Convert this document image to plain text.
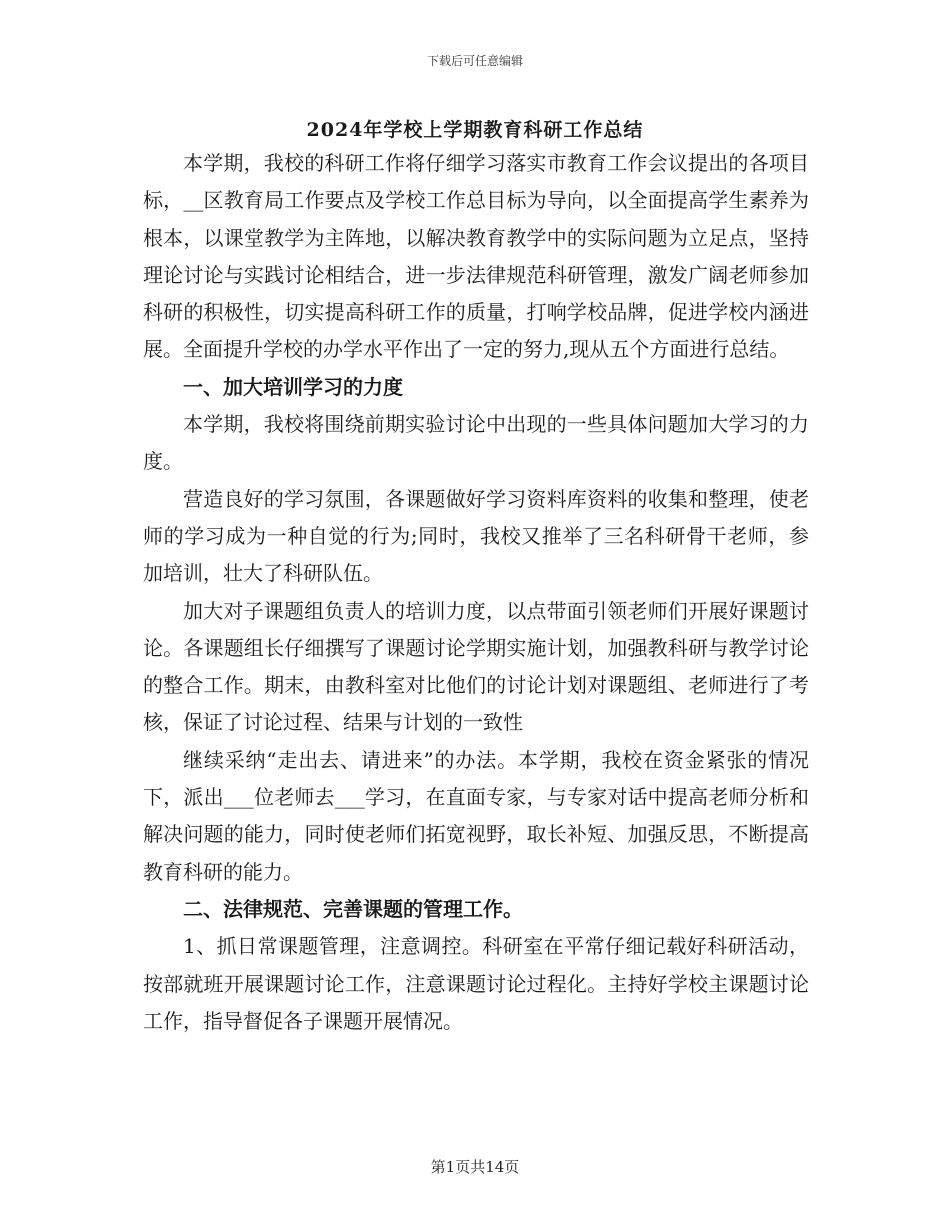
下载后可任意编辑
2024年学校上学期教育科研工作总结

本学期，我校的科研工作将仔细学习落实市教育工作会议提出的各项目标，__区教育局工作要点及学校工作总目标为导向，以全面提高学生素养为根本，以课堂教学为主阵地，以解决教育教学中的实际问题为立足点，坚持理论讨论与实践讨论相结合，进一步法律规范科研管理，激发广阔老师参加科研的积极性，切实提高科研工作的质量，打响学校品牌，促进学校内涵进展。全面提升学校的办学水平作出了一定的努力,现从五个方面进行总结。

一、加大培训学习的力度

本学期，我校将围绕前期实验讨论中出现的一些具体问题加大学习的力度。

营造良好的学习氛围，各课题做好学习资料库资料的收集和整理，使老师的学习成为一种自觉的行为;同时，我校又推举了三名科研骨干老师，参加培训，壮大了科研队伍。

加大对子课题组负责人的培训力度，以点带面引领老师们开展好课题讨论。各课题组长仔细撰写了课题讨论学期实施计划，加强教科研与教学讨论的整合工作。期末，由教科室对比他们的讨论计划对课题组、老师进行了考核，保证了讨论过程、结果与计划的一致性

继续采纳“走出去、请进来”的办法。本学期，我校在资金紧张的情况下，派出___位老师去___学习，在直面专家，与专家对话中提高老师分析和解决问题的能力，同时使老师们拓宽视野，取长补短、加强反思，不断提高教育科研的能力。

二、法律规范、完善课题的管理工作。

1、抓日常课题管理，注意调控。科研室在平常仔细记载好科研活动，按部就班开展课题讨论工作，注意课题讨论过程化。主持好学校主课题讨论工作，指导督促各子课题开展情况。

第1页共14页
